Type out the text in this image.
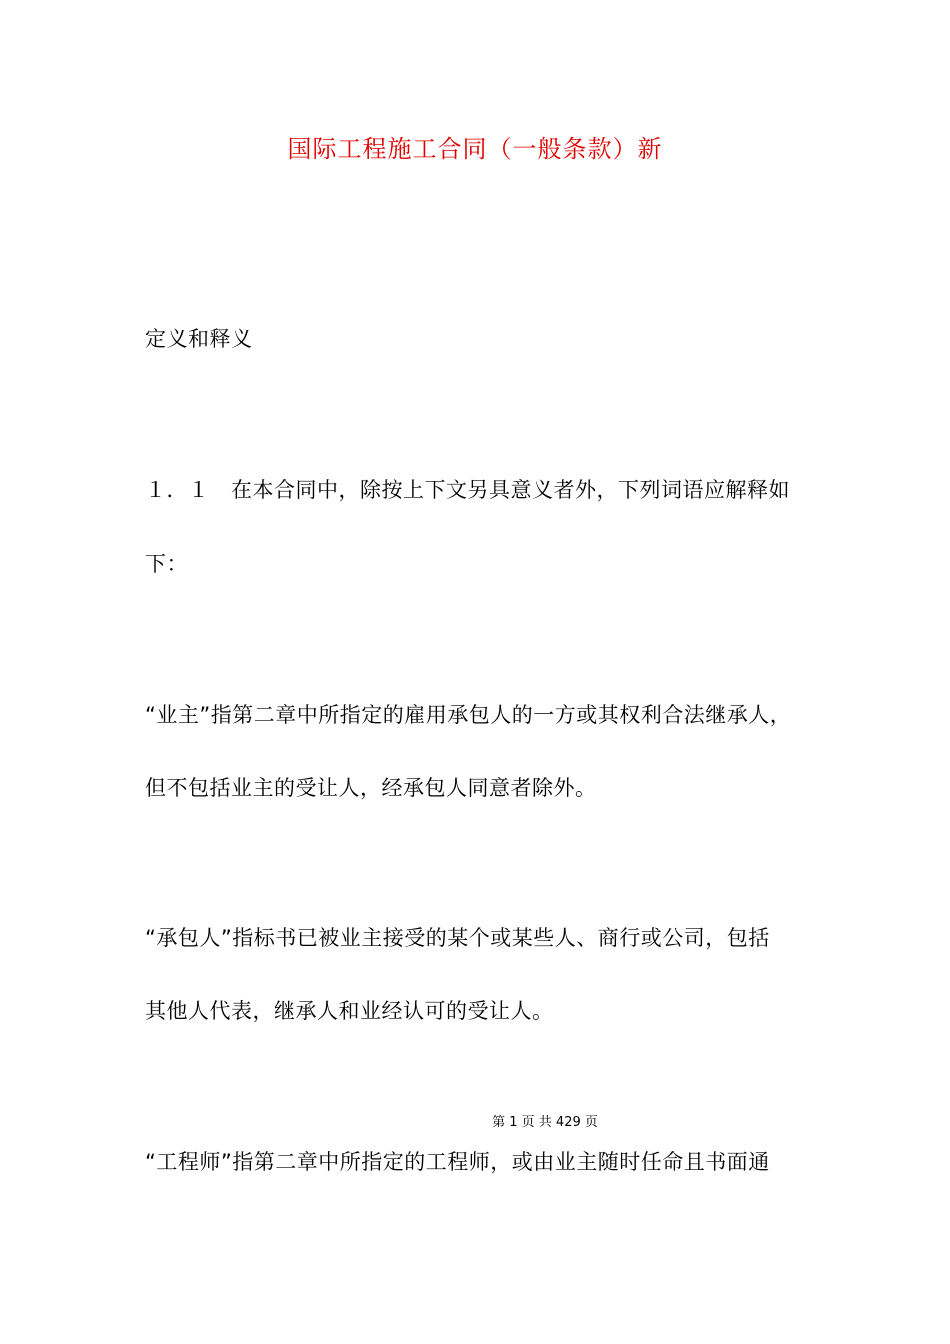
国际工程施工合同（一般条款）新
定义和释义
１．１　在本合同中，除按上下文另具意义者外，下列词语应解释如
下：
“业主”指第二章中所指定的雇用承包人的一方或其权利合法继承人，
但不包括业主的受让人，经承包人同意者除外。
“承包人”指标书已被业主接受的某个或某些人、商行或公司，包括
其他人代表，继承人和业经认可的受让人。
第 1 页 共 429 页
“工程师”指第二章中所指定的工程师，或由业主随时任命且书面通
